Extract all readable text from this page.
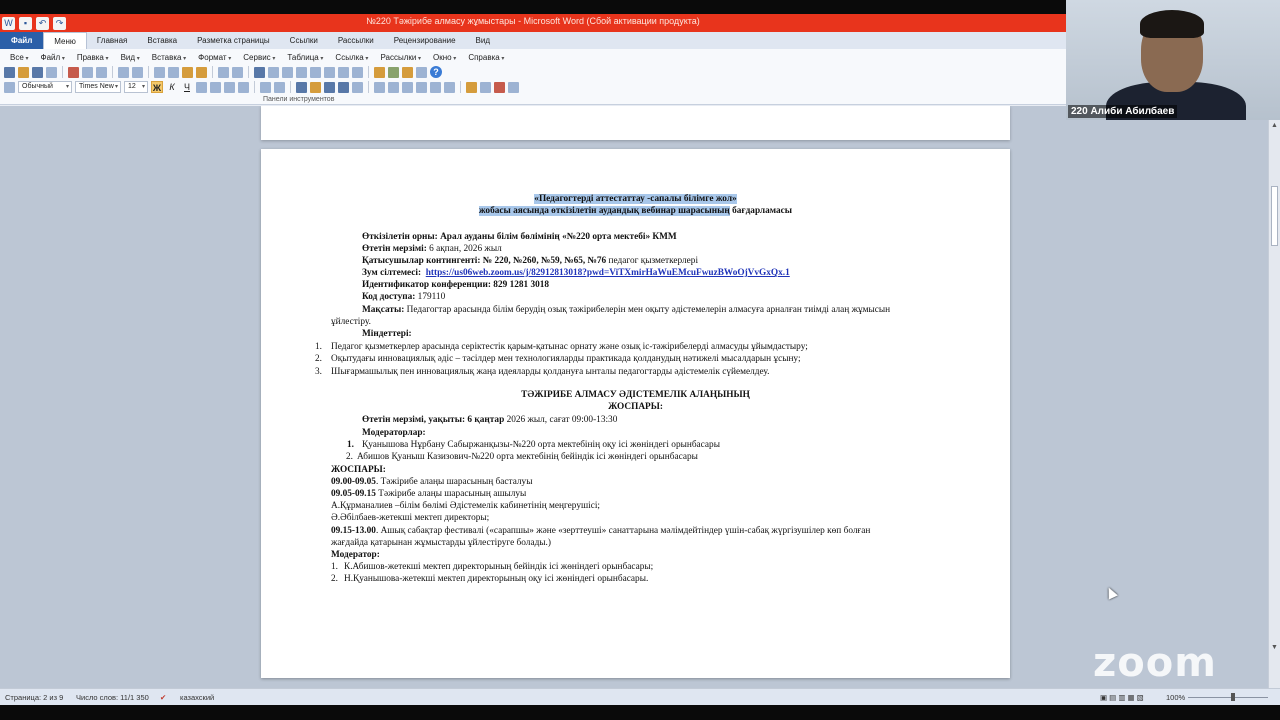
W	▪	↶	↷	№220 Тәжірибе алмасу жұмыстары - Microsoft Word (Сбой активации продукта)
Файл	Меню	Главная	Вставка	Разметка страницы	Ссылки	Рассылки	Рецензирование	Вид
Все ▾	Файл ▾	Правка ▾	Вид ▾	Вставка ▾	Формат ▾	Сервис ▾	Таблица ▾	Ссылка ▾	Рассылки ▾	Окно ▾	Справка ▾
?
Обычный ▾	Times New ▾	12 ▾	Ж К	Ч
Панели инструментов
«Педагогтерді аттестаттау -сапалы білімге жол»
жобасы аясында өткізілетін аудандық вебинар шарасының бағдарламасы
Өткізілетін орны: Арал ауданы білім бөлімінің «№220 орта мектебі» КММ
Өтетін мерзімі: 6 ақпан, 2026 жыл
Қатысушылар контингенті: № 220, №260, №59, №65, №76 педагог қызметкерлері
Зум сілтемесі: https://us06web.zoom.us/j/82912813018?pwd=ViTXmirHaWuEMcuFwuzBWoOjVvGxQx.1
Идентификатор конференции: 829 1281 3018
Код доступа: 179110
Мақсаты: Педагогтар арасында білім берудің озық тәжірибелерін мен оқыту әдістемелерін алмасуға арналған тиімді алаң жұмысын
ұйлестіру.
Міндеттері:
1. Педагог қызметкерлер арасында серіктестік қарым-қатынас орнату және озық іс-тәжірибелерді алмасуды ұйымдастыру;
2. Оқытудағы инновациялық әдіс – тәсілдер мен технологияларды практикада қолданудың нәтижелі мысалдарын ұсыну;
3. Шығармашылық пен инновациялық жаңа идеяларды қолдануға ынталы педагогтарды әдістемелік сүйемелдеу.
ТӘЖІРИБЕ АЛМАСУ ӘДІСТЕМЕЛІК АЛАҢЫНЫҢ
ЖОСПАРЫ:
Өтетін мерзімі, уақыты: 6 қаңтар 2026 жыл, сағат 09:00-13:30
Модераторлар:
1. Қуанышова Нұрбану Сабыржанқызы-№220 орта мектебінің оқу ісі жөніндегі орынбасары
2. Абишов Қуаныш Казизович-№220 орта мектебінің бейіндік ісі жөніндегі орынбасары
ЖОСПАРЫ:
09.00-09.05. Тәжірибе алаңы шарасының басталуы
09.05-09.15 Тәжірибе алаңы шарасының ашылуы
А.Құрманалиев –білім бөлімі Әдістемелік кабинетінің меңгерушісі;
Ә.Әбілбаев-жетекші мектеп директоры;
09.15-13.00. Ашық сабақтар фестивалі («сарапшы» және «зерттеуші» санаттарына мәлімдейтіндер үшін-сабақ жүргізушілер көп болған
жағдайда қатарынан жұмыстарды ұйлестіруге болады.)
Модератор:
1. К.Абишов-жетекші мектеп директорының бейіндік ісі жөніндегі орынбасары;
2. Н.Қуанышова-жетекші мектеп директорының оқу ісі жөніндегі орынбасары.
▲
▼
Страница: 2 из 9 Число слов: 11/1 350 ✔ казахский	▣ ▤ ▥ ▦ ▧	100%
220 Алиби Абилбаев
zoom
